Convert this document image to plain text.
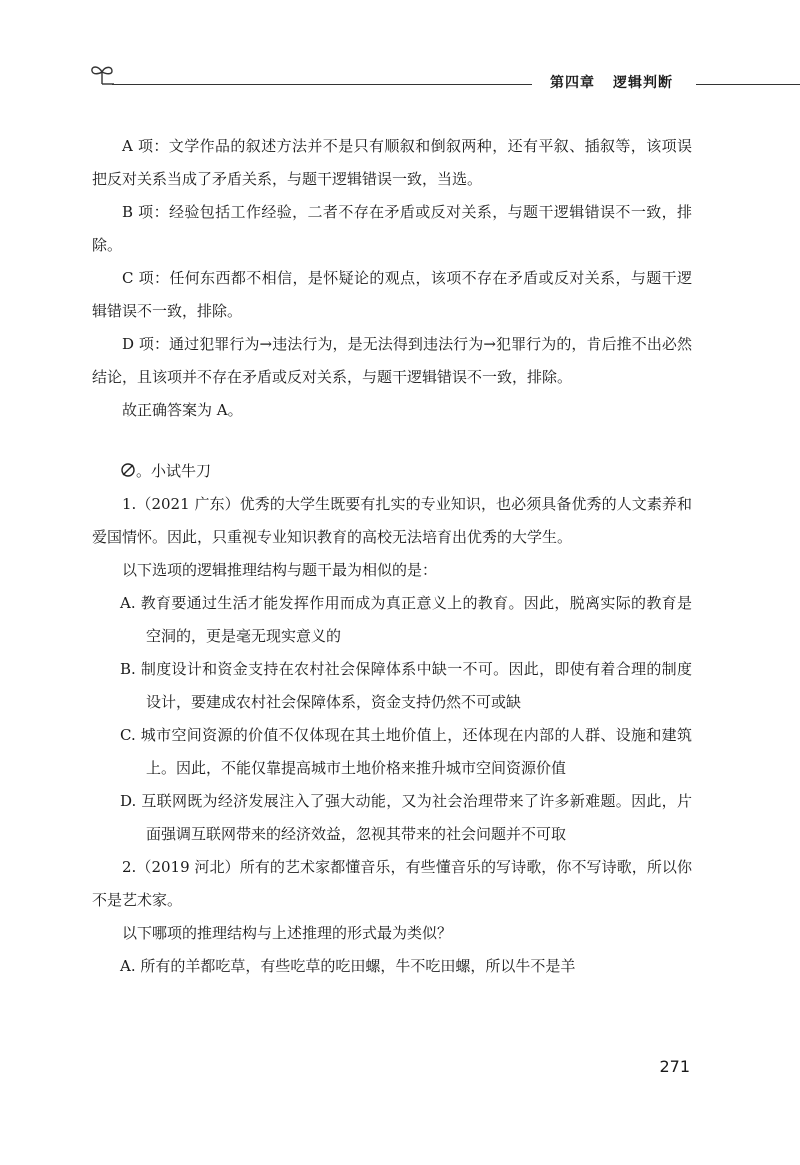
第四章 逻辑判断

A 项：文学作品的叙述方法并不是只有顺叙和倒叙两种，还有平叙、插叙等，该项误把反对关系当成了矛盾关系，与题干逻辑错误一致，当选。

B 项：经验包括工作经验，二者不存在矛盾或反对关系，与题干逻辑错误不一致，排除。

C 项：任何东西都不相信，是怀疑论的观点，该项不存在矛盾或反对关系，与题干逻辑错误不一致，排除。

D 项：通过犯罪行为→违法行为，是无法得到违法行为→犯罪行为的，肯后推不出必然结论，且该项并不存在矛盾或反对关系，与题干逻辑错误不一致，排除。

故正确答案为 A。

。小试牛刀

1.（2021 广东）优秀的大学生既要有扎实的专业知识，也必须具备优秀的人文素养和爱国情怀。因此，只重视专业知识教育的高校无法培育出优秀的大学生。

以下选项的逻辑推理结构与题干最为相似的是：

A. 教育要通过生活才能发挥作用而成为真正意义上的教育。因此，脱离实际的教育是空洞的，更是毫无现实意义的

B. 制度设计和资金支持在农村社会保障体系中缺一不可。因此，即使有着合理的制度设计，要建成农村社会保障体系，资金支持仍然不可或缺

C. 城市空间资源的价值不仅体现在其土地价值上，还体现在内部的人群、设施和建筑上。因此，不能仅靠提高城市土地价格来推升城市空间资源价值

D. 互联网既为经济发展注入了强大动能，又为社会治理带来了许多新难题。因此，片面强调互联网带来的经济效益，忽视其带来的社会问题并不可取

2.（2019 河北）所有的艺术家都懂音乐，有些懂音乐的写诗歌，你不写诗歌，所以你不是艺术家。

以下哪项的推理结构与上述推理的形式最为类似？

A. 所有的羊都吃草，有些吃草的吃田螺，牛不吃田螺，所以牛不是羊

271
